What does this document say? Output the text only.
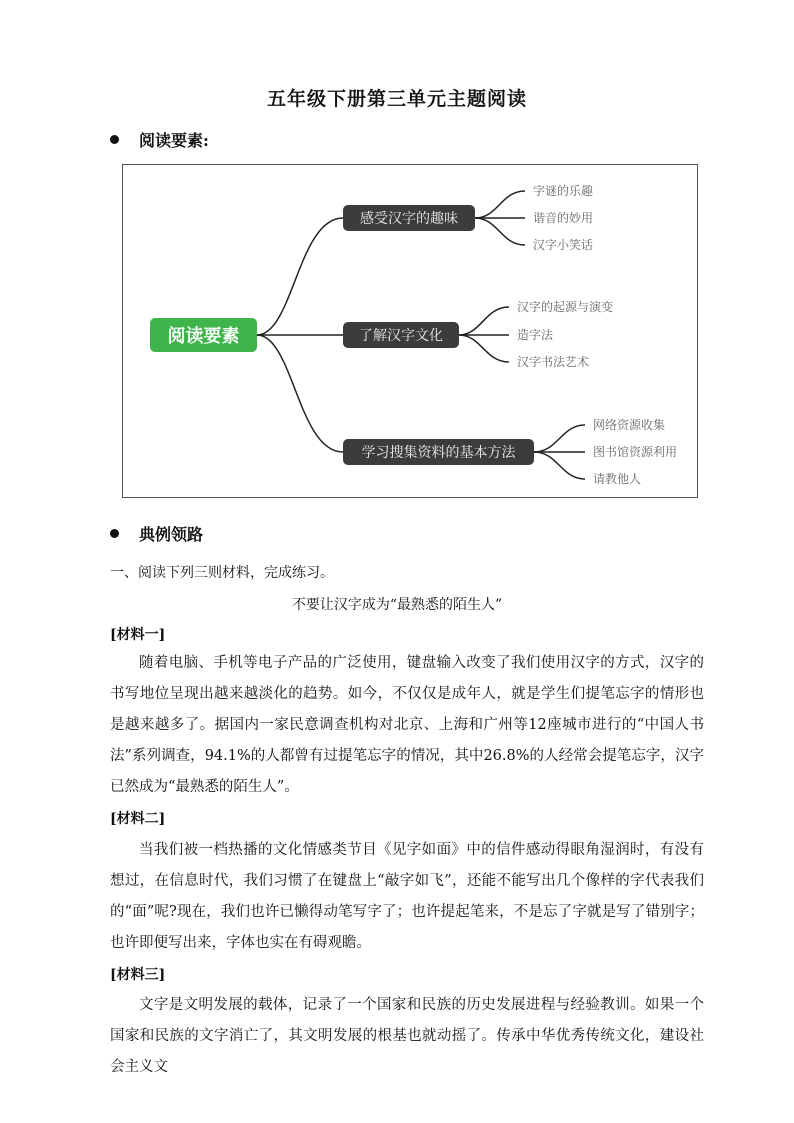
五年级下册第三单元主题阅读
阅读要素:
阅读要素
感受汉字的趣味
了解汉字文化
学习搜集资料的基本方法
字谜的乐趣
谐音的妙用
汉字小笑话
汉字的起源与演变
造字法
汉字书法艺术
网络资源收集
图书馆资源利用
请教他人
典例领路
一、阅读下列三则材料，完成练习。
不要让汉字成为“最熟悉的陌生人”
[材料一]

随着电脑、手机等电子产品的广泛使用，键盘输入改变了我们使用汉字的方式，汉字的书写地位呈现出越来越淡化的趋势。如今，不仅仅是成年人，就是学生们提笔忘字的情形也是越来越多了。据国内一家民意调查机构对北京、上海和广州等12座城市进行的“中国人书法”系列调查，94.1%的人都曾有过提笔忘字的情况，其中26.8%的人经常会提笔忘字，汉字已然成为“最熟悉的陌生人”。

[材料二]

当我们被一档热播的文化情感类节目《见字如面》中的信件感动得眼角湿润时，有没有想过，在信息时代，我们习惯了在键盘上“敲字如飞”，还能不能写出几个像样的字代表我们的“面”呢?现在，我们也许已懒得动笔写字了；也许提起笔来，不是忘了字就是写了错别字；也许即便写出来，字体也实在有碍观瞻。

[材料三]

文字是文明发展的载体，记录了一个国家和民族的历史发展进程与经验教训。如果一个国家和民族的文字消亡了，其文明发展的根基也就动摇了。传承中华优秀传统文化，建设社会主义文
